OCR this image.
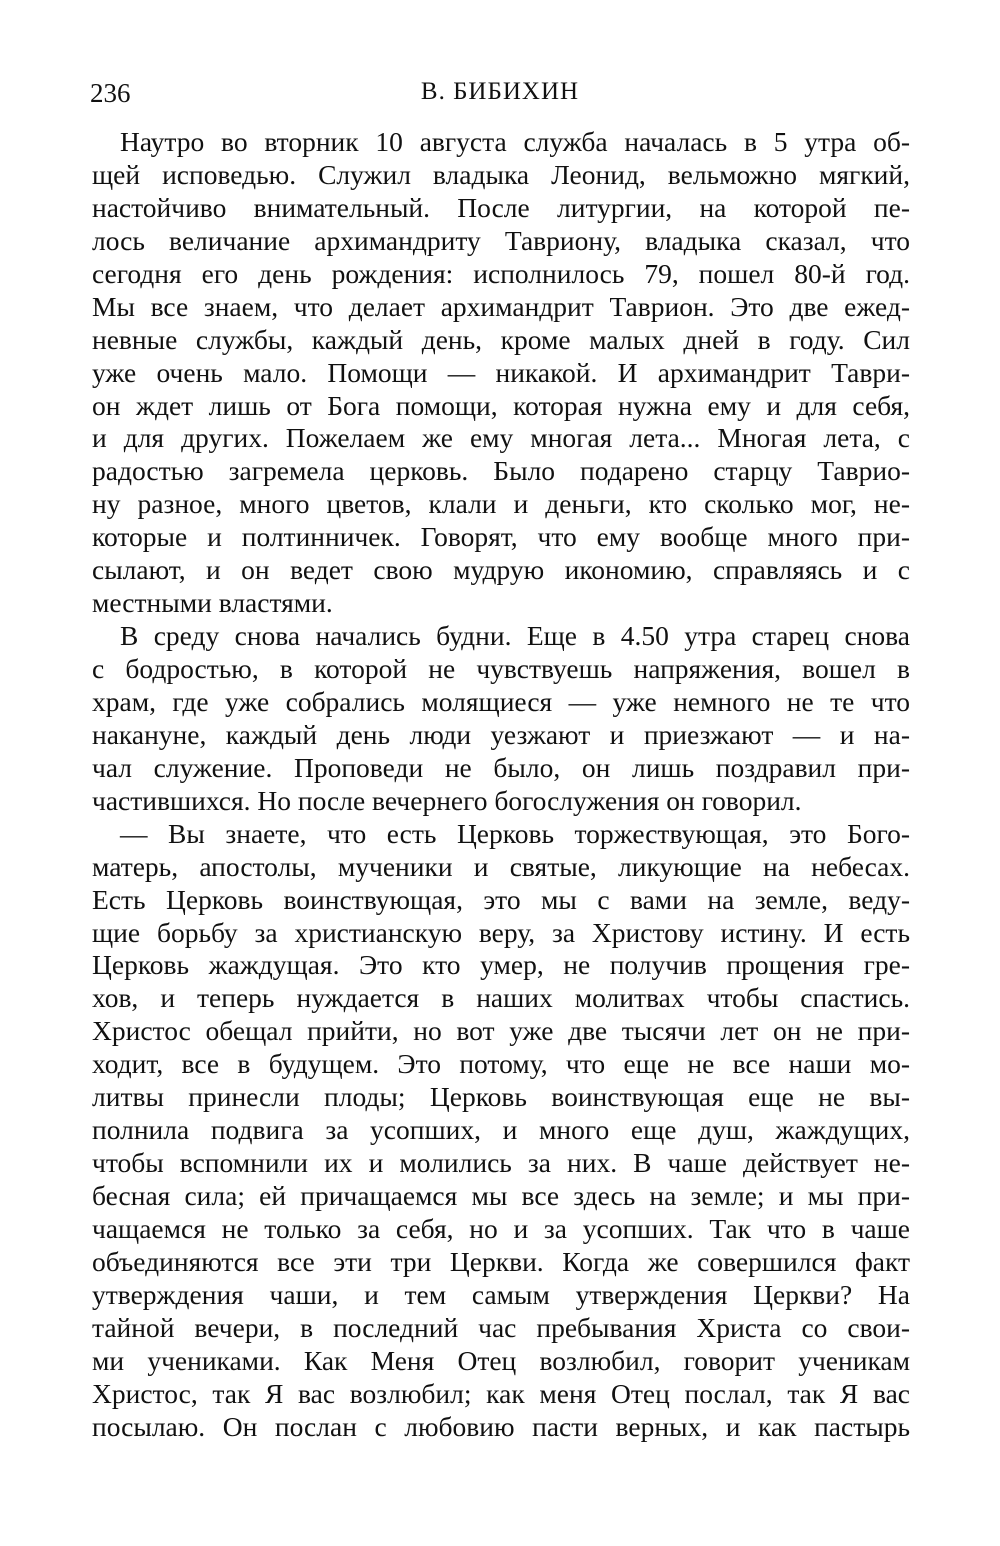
236	В. БИБИХИН
Наутро во вторник 10 августа служба началась в 5 утра об-
щей исповедью. Служил владыка Леонид, вельможно мягкий,
настойчиво внимательный. После литургии, на которой пе-
лось величание архимандриту Тавриону, владыка сказал, что
сегодня его день рождения: исполнилось 79, пошел 80-й год.
Мы все знаем, что делает архимандрит Таврион. Это две ежед-
невные службы, каждый день, кроме малых дней в году. Сил
уже очень мало. Помощи — никакой. И архимандрит Таври-
он ждет лишь от Бога помощи, которая нужна ему и для себя,
и для других. Пожелаем же ему многая лета... Многая лета, с
радостью загремела церковь. Было подарено старцу Таврио-
ну разное, много цветов, клали и деньги, кто сколько мог, не-
которые и полтинничек. Говорят, что ему вообще много при-
сылают, и он ведет свою мудрую икономию, справляясь и с
местными властями.
В среду снова начались будни. Еще в 4.50 утра старец снова
с бодростью, в которой не чувствуешь напряжения, вошел в
храм, где уже собрались молящиеся — уже немного не те что
накануне, каждый день люди уезжают и приезжают — и на-
чал служение. Проповеди не было, он лишь поздравил при-
частившихся. Но после вечернего богослужения он говорил.
— Вы знаете, что есть Церковь торжествующая, это Бого-
матерь, апостолы, мученики и святые, ликующие на небесах.
Есть Церковь воинствующая, это мы с вами на земле, веду-
щие борьбу за христианскую веру, за Христову истину. И есть
Церковь жаждущая. Это кто умер, не получив прощения гре-
хов, и теперь нуждается в наших молитвах чтобы спастись.
Христос обещал прийти, но вот уже две тысячи лет он не при-
ходит, все в будущем. Это потому, что еще не все наши мо-
литвы принесли плоды; Церковь воинствующая еще не вы-
полнила подвига за усопших, и много еще душ, жаждущих,
чтобы вспомнили их и молились за них. В чаше действует не-
бесная сила; ей причащаемся мы все здесь на земле; и мы при-
чащаемся не только за себя, но и за усопших. Так что в чаше
объединяются все эти три Церкви. Когда же совершился факт
утверждения чаши, и тем самым утверждения Церкви? На
тайной вечери, в последний час пребывания Христа со свои-
ми учениками. Как Меня Отец возлюбил, говорит ученикам
Христос, так Я вас возлюбил; как меня Отец послал, так Я вас
посылаю. Он послан с любовию пасти верных, и как пастырь
